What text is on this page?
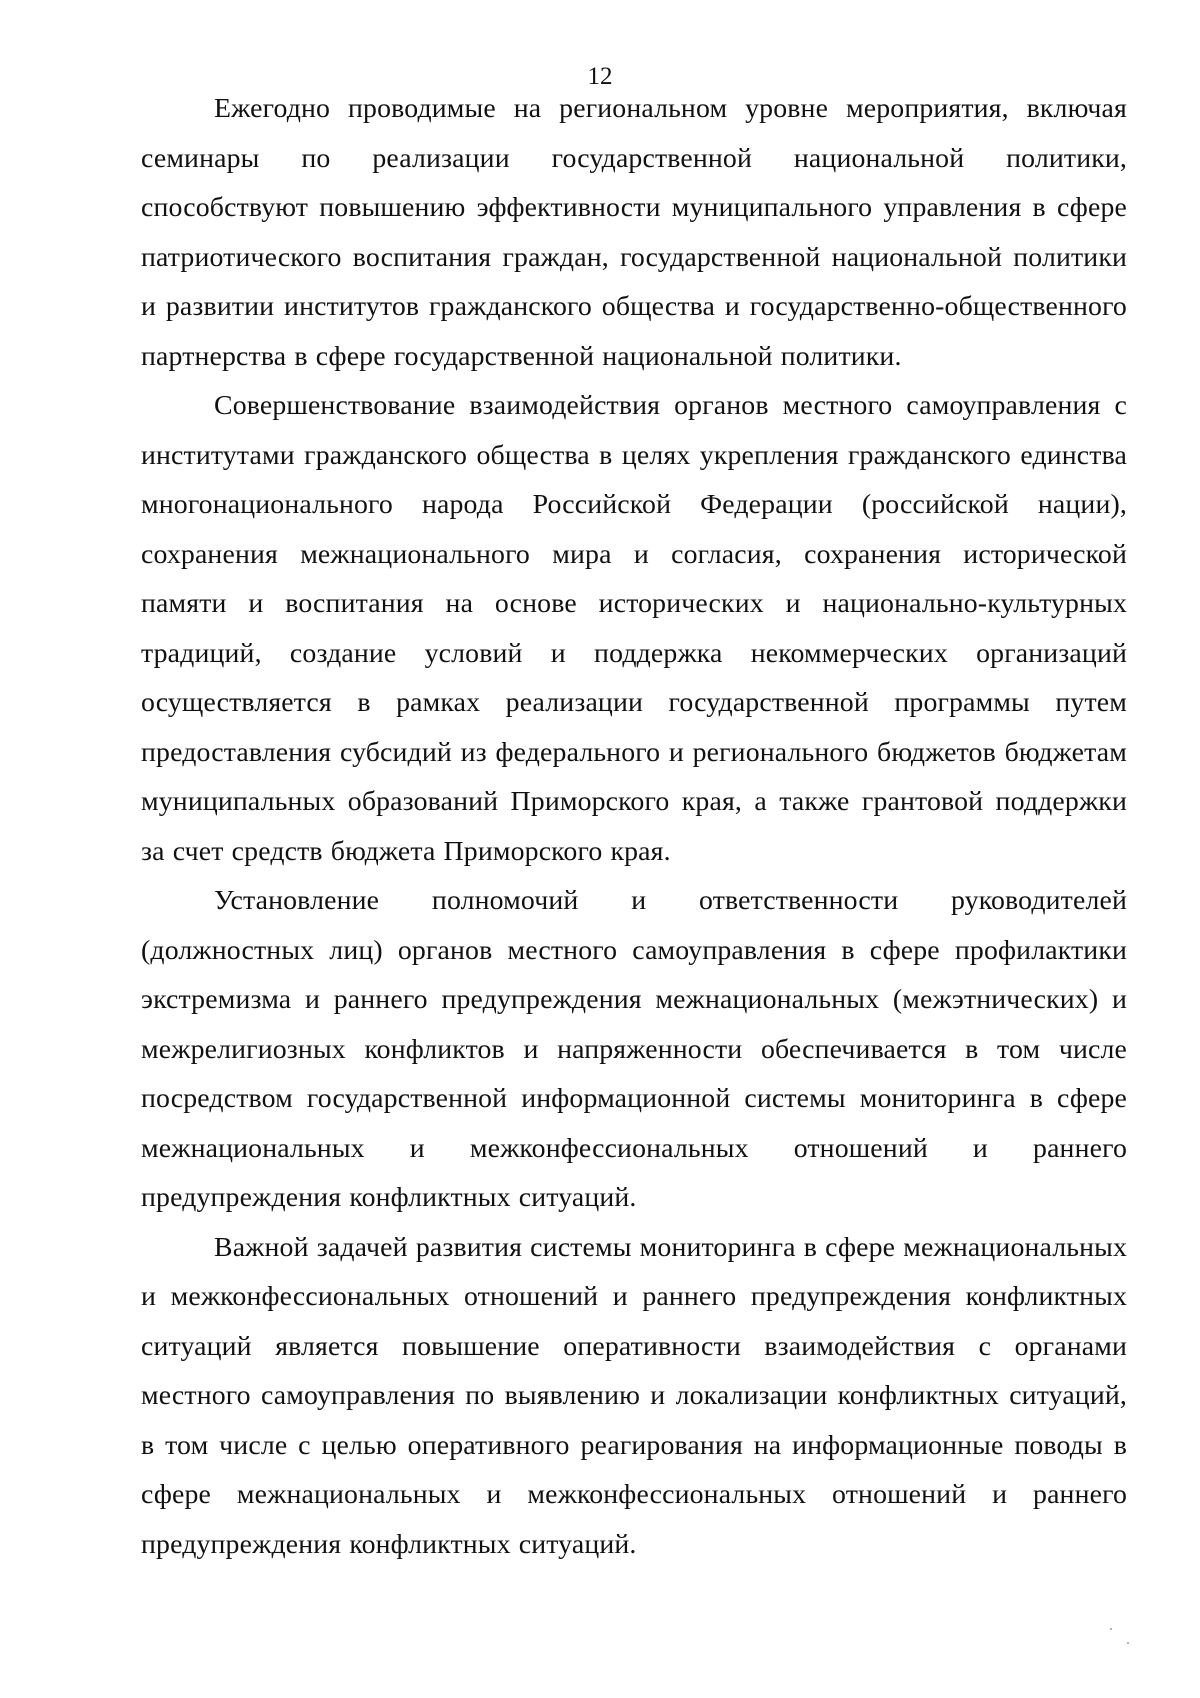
12

Ежегодно проводимые на региональном уровне мероприятия, включая семинары по реализации государственной национальной политики, способствуют повышению эффективности муниципального управления в сфере патриотического воспитания граждан, государственной национальной политики и развитии институтов гражданского общества и государственно-общественного партнерства в сфере государственной национальной политики.

Совершенствование взаимодействия органов местного самоуправления с институтами гражданского общества в целях укрепления гражданского единства многонационального народа Российской Федерации (российской нации), сохранения межнационального мира и согласия, сохранения исторической памяти и воспитания на основе исторических и национально-культурных традиций, создание условий и поддержка некоммерческих организаций осуществляется в рамках реализации государственной программы путем предоставления субсидий из федерального и регионального бюджетов бюджетам муниципальных образований Приморского края, а также грантовой поддержки за счет средств бюджета Приморского края.

Установление полномочий и ответственности руководителей (должностных лиц) органов местного самоуправления в сфере профилактики экстремизма и раннего предупреждения межнациональных (межэтнических) и межрелигиозных конфликтов и напряженности обеспечивается в том числе посредством государственной информационной системы мониторинга в сфере межнациональных и межконфессиональных отношений и раннего предупреждения конфликтных ситуаций.

Важной задачей развития системы мониторинга в сфере межнациональных и межконфессиональных отношений и раннего предупреждения конфликтных ситуаций является повышение оперативности взаимодействия с органами местного самоуправления по выявлению и локализации конфликтных ситуаций, в том числе с целью оперативного реагирования на информационные поводы в сфере межнациональных и межконфессиональных отношений и раннего предупреждения конфликтных ситуаций.
